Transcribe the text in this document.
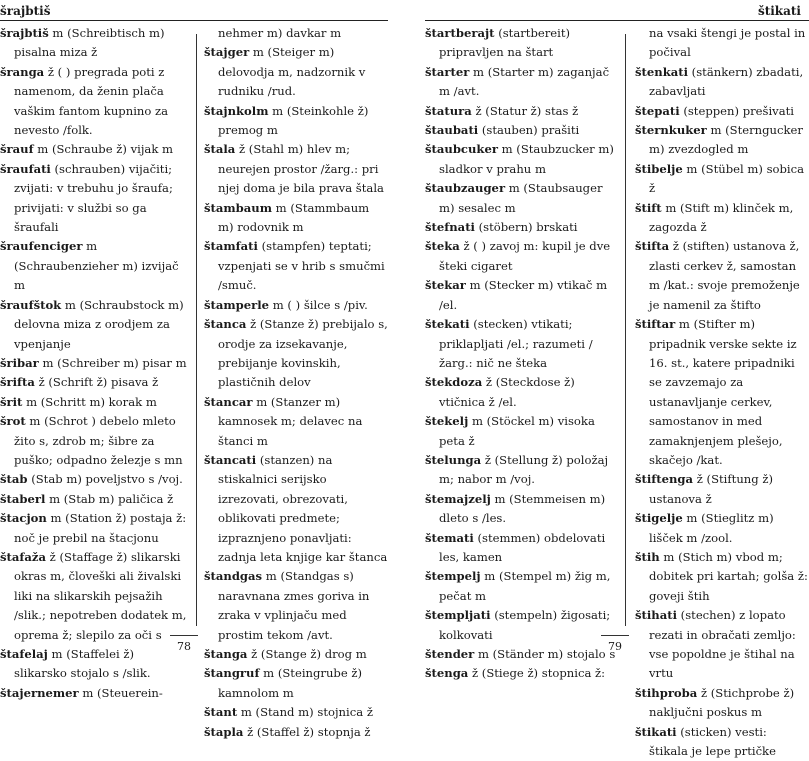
šrajbtiš
šrajbtiš m (Schreibtisch m) pisalna miza ž
šranga ž ( ) pregrada poti z namenom, da ženin plača vaškim fantom kupnino za nevesto /folk.
šrauf m (Schraube ž) vijak m
šraufati (schrauben) vijačiti; zvijati: v trebuhu jo šraufa; privijati: v službi so ga šraufali
šraufenciger m (Schraubenzieher m) izvijač m
šraufštok m (Schraubstock m) delovna miza z orodjem za vpenjanje
šribar m (Schreiber m) pisar m
šrifta ž (Schrift ž) pisava ž
šrit m (Schritt m) korak m
šrot m (Schrot ) debelo mleto žito s, zdrob m; šibre za puško; odpadno železje s mn
štab (Stab m) poveljstvo s /voj.
štaberl m (Stab m) paličica ž
štacjon m (Station ž) postaja ž: noč je prebil na štacjonu
štafaža ž (Staffage ž) slikarski okras m, človeški ali živalski liki na slikarskih pejsažih /slik.; nepotreben dodatek m, oprema ž; slepilo za oči s
štafelaj m (Staffelei ž) slikarsko stojalo s /slik.
štajernemer m (Steuerein-
nehmer m) davkar m
štajger m (Steiger m) delovodja m, nadzornik v rudniku /rud.
štajnkolm m (Steinkohle ž) premog m
štala ž (Stahl m) hlev m; neurejen prostor /žarg.: pri njej doma je bila prava štala
štambaum m (Stammbaum m) rodovnik m
štamfati (stampfen) teptati; vzpenjati se v hrib s smučmi /smuč.
štamperle m ( ) šilce s /piv.
štanca ž (Stanze ž) prebijalo s, orodje za izsekavanje, prebijanje kovinskih, plastičnih delov
štancar m (Stanzer m) kamnosek m; delavec na štanci m
štancati (stanzen) na stiskalnici serijsko izrezovati, obrezovati, oblikovati predmete; izpraznjeno ponavljati: zadnja leta knjige kar štanca
štandgas m (Standgas s) naravnana zmes goriva in zraka v vplinjaču med prostim tekom /avt.
štanga ž (Stange ž) drog m
štangruf m (Steingrube ž) kamnolom m
štant m (Stand m) stojnica ž
štapla ž (Staffel ž) stopnja ž
78
štikati
štartberajt (startbereit) pripravljen na štart
štarter m (Starter m) zaganjač m /avt.
štatura ž (Statur ž) stas ž
štaubati (stauben) prašiti
štaubcuker m (Staubzucker m) sladkor v prahu m
štaubzauger m (Staubsauger m) sesalec m
štefnati (stöbern) brskati
šteka ž ( ) zavoj m: kupil je dve šteki cigaret
štekar m (Stecker m) vtikač m /el.
štekati (stecken) vtikati; priklapljati /el.; razumeti /žarg.: nič ne šteka
štekdoza ž (Steckdose ž) vtičnica ž /el.
štekelj m (Stöckel m) visoka peta ž
štelunga ž (Stellung ž) položaj m; nabor m /voj.
štemajzelj m (Stemmeisen m) dleto s /les.
štemati (stemmen) obdelovati les, kamen
štempelj m (Stempel m) žig m, pečat m
štempljati (stempeln) žigosati; kolkovati
štender m (Ständer m) stojalo s
štenga ž (Stiege ž) stopnica ž:
na vsaki štengi je postal in počival
štenkati (stänkern) zbadati, zabavljati
štepati (steppen) prešivati
šternkuker m (Sterngucker m) zvezdogled m
štibelje m (Stübel m) sobica ž
štift m (Stift m) klinček m, zagozda ž
štifta ž (stiften) ustanova ž, zlasti cerkev ž, samostan m /kat.: svoje premoženje je namenil za štifto
štiftar m (Stifter m) pripadnik verske sekte iz 16. st., katere pripadniki se zavzemajo za ustanavljanje cerkev, samostanov in med zamaknjenjem plešejo, skačejo /kat.
štiftenga ž (Stiftung ž) ustanova ž
štigelje m (Stieglitz m) lišček m /zool.
štih m (Stich m) vbod m; dobitek pri kartah; golša ž: goveji štih
štihati (stechen) z lopato rezati in obračati zemljo: vse popoldne je štihal na vrtu
štihproba ž (Stichprobe ž) naključni poskus m
štikati (sticken) vesti: štikala je lepe prtičke
79
